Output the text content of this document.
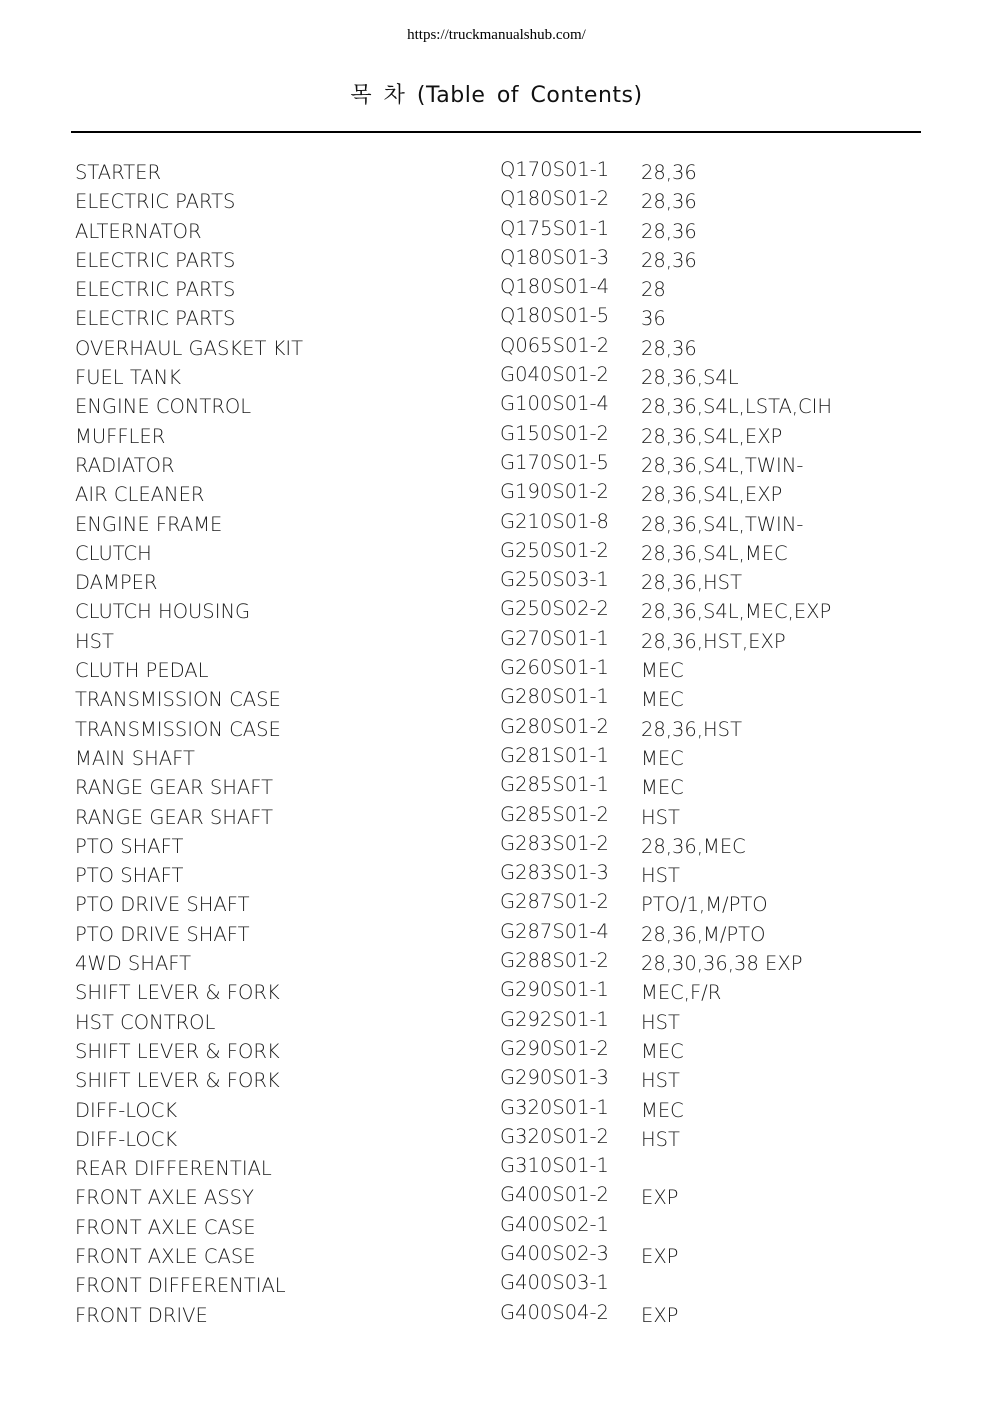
https://truckmanualshub.com/
목 차 (Table of Contents)
STARTER	Q170S01-1 28,36
ELECTRIC PARTS	Q180S01-2 28,36
ALTERNATOR	Q175S01-1 28,36
ELECTRIC PARTS	Q180S01-3 28,36
ELECTRIC PARTS	Q180S01-4 28
ELECTRIC PARTS	Q180S01-5 36
OVERHAUL GASKET KIT	Q065S01-2 28,36
FUEL TANK	G040S01-2 28,36,S4L
ENGINE CONTROL	G100S01-4 28,36,S4L,LSTA,CIH
MUFFLER	G150S01-2 28,36,S4L,EXP
RADIATOR	G170S01-5 28,36,S4L,TWIN-
AIR CLEANER	G190S01-2 28,36,S4L,EXP
ENGINE FRAME	G210S01-8 28,36,S4L,TWIN-
CLUTCH	G250S01-2 28,36,S4L,MEC
DAMPER	G250S03-1 28,36,HST
CLUTCH HOUSING	G250S02-2 28,36,S4L,MEC,EXP
HST	G270S01-1 28,36,HST,EXP
CLUTH PEDAL	G260S01-1 MEC
TRANSMISSION CASE	G280S01-1 MEC
TRANSMISSION CASE	G280S01-2 28,36,HST
MAIN SHAFT	G281S01-1 MEC
RANGE GEAR SHAFT	G285S01-1 MEC
RANGE GEAR SHAFT	G285S01-2 HST
PTO SHAFT	G283S01-2 28,36,MEC
PTO SHAFT	G283S01-3 HST
PTO DRIVE SHAFT	G287S01-2 PTO/1,M/PTO
PTO DRIVE SHAFT	G287S01-4 28,36,M/PTO
4WD SHAFT	G288S01-2 28,30,36,38 EXP
SHIFT LEVER & FORK	G290S01-1 MEC,F/R
HST CONTROL	G292S01-1 HST
SHIFT LEVER & FORK	G290S01-2 MEC
SHIFT LEVER & FORK	G290S01-3 HST
DIFF-LOCK	G320S01-1 MEC
DIFF-LOCK	G320S01-2 HST
REAR DIFFERENTIAL	G310S01-1
FRONT AXLE ASSY	G400S01-2 EXP
FRONT AXLE CASE	G400S02-1
FRONT AXLE CASE	G400S02-3 EXP
FRONT DIFFERENTIAL	G400S03-1
FRONT DRIVE	G400S04-2 EXP
